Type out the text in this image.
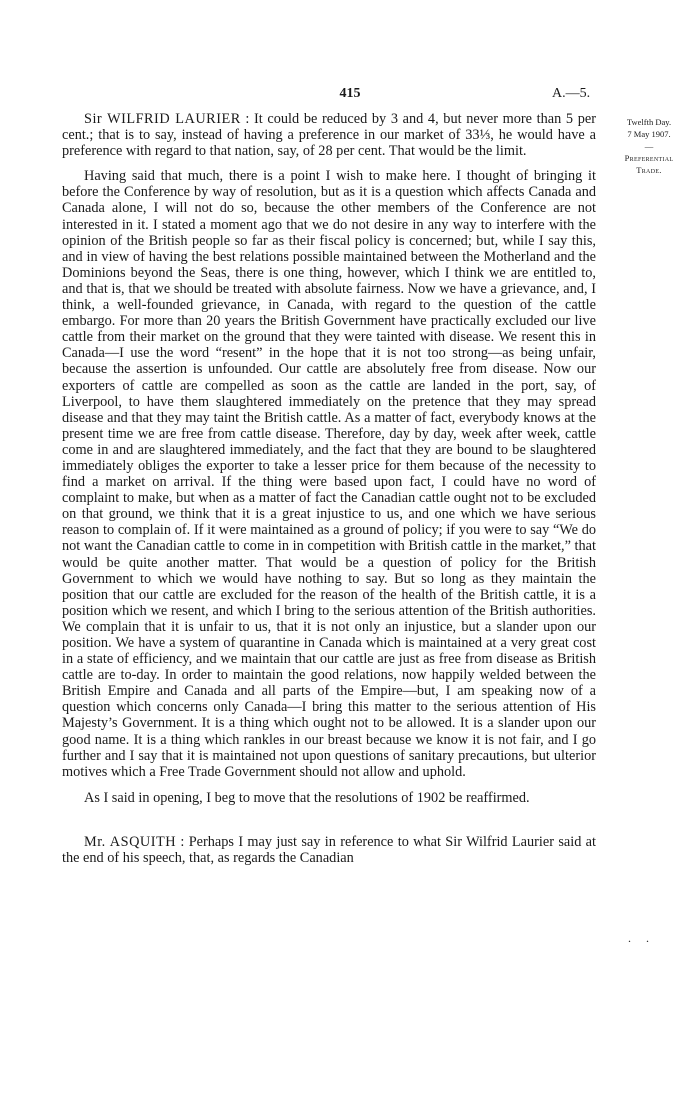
415	A.—5.
Twelfth Day.
7 May 1907.
—
Preferential
Trade.

Sir WILFRID LAURIER : It could be reduced by 3 and 4, but never more than 5 per cent.; that is to say, instead of having a preference in our market of 33⅓, he would have a preference with regard to that nation, say, of 28 per cent. That would be the limit.

Having said that much, there is a point I wish to make here. I thought of bringing it before the Conference by way of resolution, but as it is a question which affects Canada and Canada alone, I will not do so, because the other members of the Conference are not interested in it. I stated a moment ago that we do not desire in any way to interfere with the opinion of the British people so far as their fiscal policy is concerned; but, while I say this, and in view of having the best relations possible maintained between the Motherland and the Dominions beyond the Seas, there is one thing, however, which I think we are entitled to, and that is, that we should be treated with absolute fairness. Now we have a grievance, and, I think, a well-founded grievance, in Canada, with regard to the question of the cattle embargo. For more than 20 years the British Government have practically excluded our live cattle from their market on the ground that they were tainted with disease. We resent this in Canada—I use the word “resent” in the hope that it is not too strong—as being unfair, because the assertion is unfounded. Our cattle are absolutely free from disease. Now our exporters of cattle are compelled as soon as the cattle are landed in the port, say, of Liverpool, to have them slaughtered immediately on the pretence that they may spread disease and that they may taint the British cattle. As a matter of fact, everybody knows at the present time we are free from cattle disease. Therefore, day by day, week after week, cattle come in and are slaughtered immediately, and the fact that they are bound to be slaughtered immediately obliges the exporter to take a lesser price for them because of the necessity to find a market on arrival. If the thing were based upon fact, I could have no word of complaint to make, but when as a matter of fact the Canadian cattle ought not to be excluded on that ground, we think that it is a great injustice to us, and one which we have serious reason to complain of. If it were maintained as a ground of policy; if you were to say “We do not want the Canadian cattle to come in in competition with British cattle in the market,” that would be quite another matter. That would be a question of policy for the British Government to which we would have nothing to say. But so long as they maintain the position that our cattle are excluded for the reason of the health of the British cattle, it is a position which we resent, and which I bring to the serious attention of the British authorities. We complain that it is unfair to us, that it is not only an injustice, but a slander upon our position. We have a system of quarantine in Canada which is maintained at a very great cost in a state of efficiency, and we maintain that our cattle are just as free from disease as British cattle are to-day. In order to maintain the good relations, now happily welded between the British Empire and Canada and all parts of the Empire—but, I am speaking now of a question which concerns only Canada—I bring this matter to the serious attention of His Majesty’s Government. It is a thing which ought not to be allowed. It is a slander upon our good name. It is a thing which rankles in our breast because we know it is not fair, and I go further and I say that it is maintained not upon questions of sanitary precautions, but ulterior motives which a Free Trade Government should not allow and uphold.

As I said in opening, I beg to move that the resolutions of 1902 be reaffirmed.

Mr. ASQUITH : Perhaps I may just say in reference to what Sir Wilfrid Laurier said at the end of his speech, that, as regards the Canadian

. .
